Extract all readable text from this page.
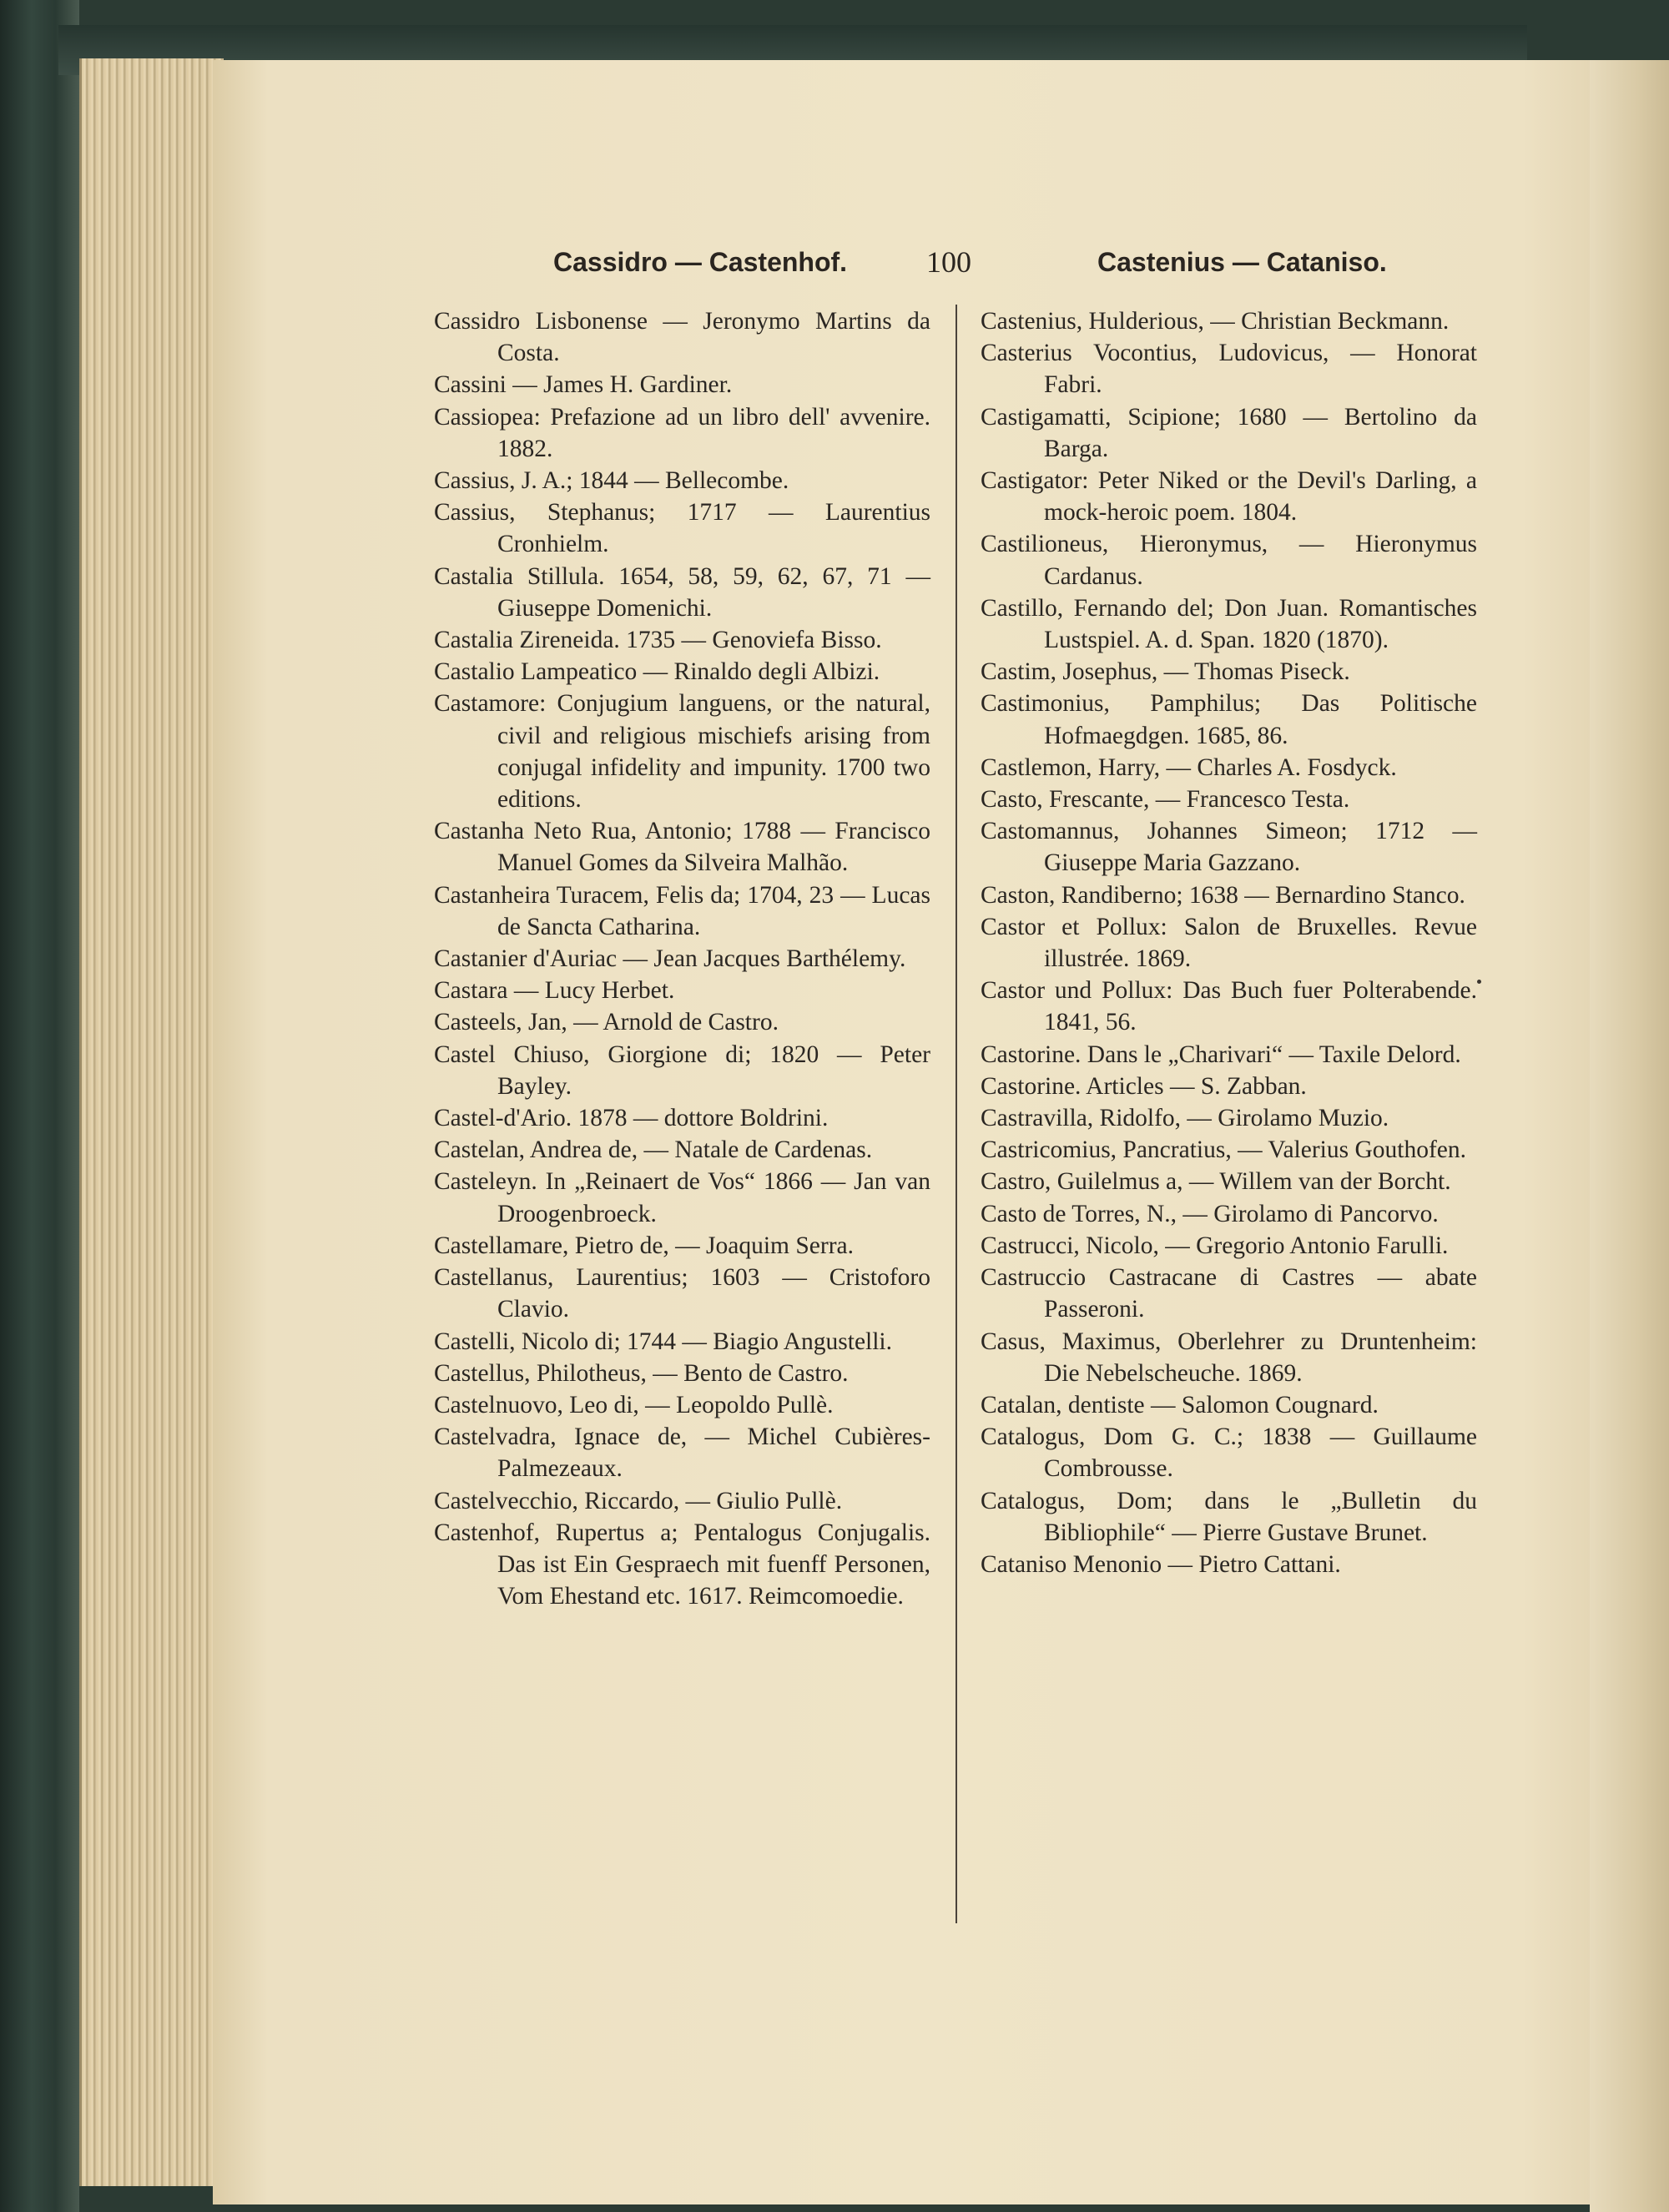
Cassidro — Castenhof.	100	Castenius — Cataniso.
Cassidro Lisbonense — Jeronymo Martins da Costa.
Cassini — James H. Gardiner.
Cassiopea: Prefazione ad un libro dell' avvenire. 1882.
Cassius, J. A.; 1844 — Bellecombe.
Cassius, Stephanus; 1717 — Laurentius Cronhielm.
Castalia Stillula. 1654, 58, 59, 62, 67, 71 — Giuseppe Domenichi.
Castalia Zireneida. 1735 — Genoviefa Bisso.
Castalio Lampeatico — Rinaldo degli Albizi.
Castamore: Conjugium languens, or the natural, civil and religious mischiefs arising from conjugal infidelity and impunity. 1700 two editions.
Castanha Neto Rua, Antonio; 1788 — Francisco Manuel Gomes da Silveira Malhão.
Castanheira Turacem, Felis da; 1704, 23 — Lucas de Sancta Catharina.
Castanier d'Auriac — Jean Jacques Barthélemy.
Castara — Lucy Herbet.
Casteels, Jan, — Arnold de Castro.
Castel Chiuso, Giorgione di; 1820 — Peter Bayley.
Castel-d'Ario. 1878 — dottore Boldrini.
Castelan, Andrea de, — Natale de Cardenas.
Casteleyn. In „Reinaert de Vos“ 1866 — Jan van Droogenbroeck.
Castellamare, Pietro de, — Joaquim Serra.
Castellanus, Laurentius; 1603 — Cristoforo Clavio.
Castelli, Nicolo di; 1744 — Biagio Angustelli.
Castellus, Philotheus, — Bento de Castro.
Castelnuovo, Leo di, — Leopoldo Pullè.
Castelvadra, Ignace de, — Michel Cubières-Palmezeaux.
Castelvecchio, Riccardo, — Giulio Pullè.
Castenhof, Rupertus a; Pentalogus Conjugalis. Das ist Ein Gespraech mit fuenff Personen, Vom Ehestand etc. 1617. Reimcomoedie.
Castenius, Hulderious, — Christian Beckmann.
Casterius Vocontius, Ludovicus, — Honorat Fabri.
Castigamatti, Scipione; 1680 — Bertolino da Barga.
Castigator: Peter Niked or the Devil's Darling, a mock-heroic poem. 1804.
Castilioneus, Hieronymus, — Hieronymus Cardanus.
Castillo, Fernando del; Don Juan. Romantisches Lustspiel. A. d. Span. 1820 (1870).
Castim, Josephus, — Thomas Piseck.
Castimonius, Pamphilus; Das Politische Hofmaegdgen. 1685, 86.
Castlemon, Harry, — Charles A. Fosdyck.
Casto, Frescante, — Francesco Testa.
Castomannus, Johannes Simeon; 1712 — Giuseppe Maria Gazzano.
Caston, Randiberno; 1638 — Bernardino Stanco.
Castor et Pollux: Salon de Bruxelles. Revue illustrée. 1869.
Castor und Pollux: Das Buch fuer Polterabende. 1841, 56.
Castorine. Dans le „Charivari“ — Taxile Delord.
Castorine. Articles — S. Zabban.
Castravilla, Ridolfo, — Girolamo Muzio.
Castricomius, Pancratius, — Valerius Gouthofen.
Castro, Guilelmus a, — Willem van der Borcht.
Casto de Torres, N., — Girolamo di Pancorvo.
Castrucci, Nicolo, — Gregorio Antonio Farulli.
Castruccio Castracane di Castres — abate Passeroni.
Casus, Maximus, Oberlehrer zu Druntenheim: Die Nebelscheuche. 1869.
Catalan, dentiste — Salomon Cougnard.
Catalogus, Dom G. C.; 1838 — Guillaume Combrousse.
Catalogus, Dom; dans le „Bulletin du Bibliophile“ — Pierre Gustave Brunet.
Cataniso Menonio — Pietro Cattani.
